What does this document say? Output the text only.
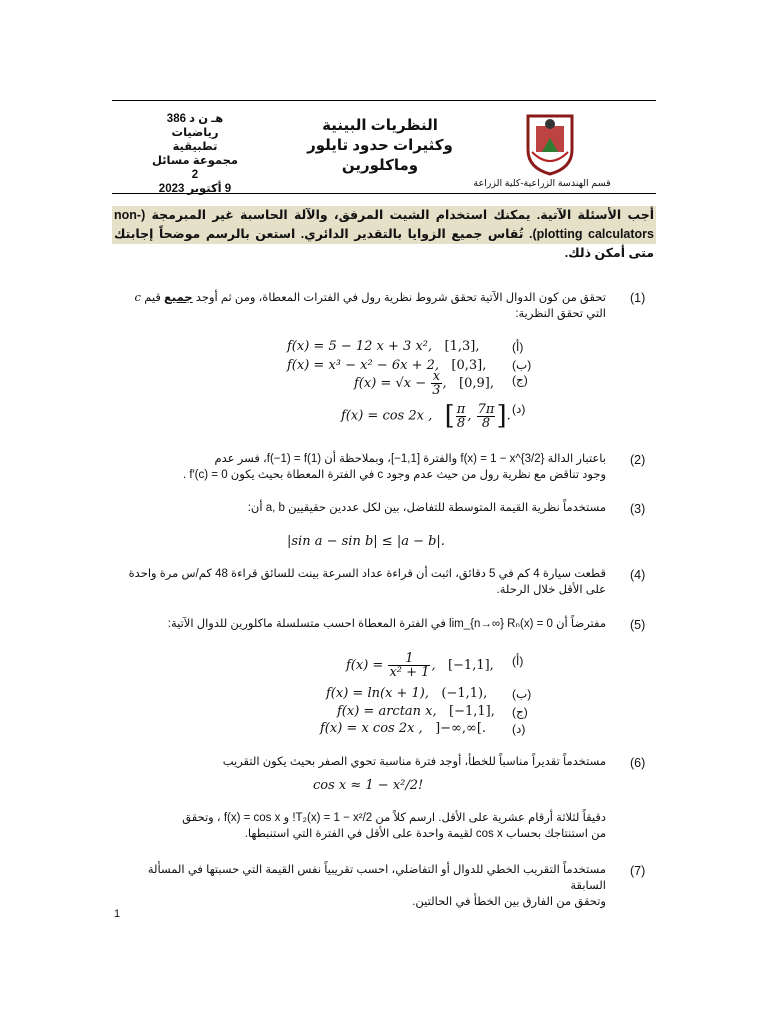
هـ ن د 386
رياضيات تطبيقية
مجموعة مسائل 2
9 أكتوبر 2023
النظريات البينية
وكثيرات حدود تايلور
وماكلورين
قسم الهندسة الزراعية-كلية الزراعة
أجب الأسئلة الآتية. يمكنك استخدام الشيت المرفق، والآلة الحاسبة غير المبرمجة (non-plotting calculators). تُقاس جميع الزوايا بالتقدير الدائري. استعن بالرسم موضحاً إجابتك متى أمكن ذلك.
(1)
تحقق من كون الدوال الآتية تحقق شروط نظرية رول في الفترات المعطاة، ومن ثم أوجد جميع قيم c
التي تحقق النظرية:
f(x) = 5 − 12 x + 3 x², [1,3],	(أ)
f(x) = x³ − x² − 6x + 2, [0,3], (ب)
$f(x) = √x - \frac{x}{3}$ ,   [0,9], (ج)
f(x) = cos 2x , [ $\frac{\pi}{8}$ , $\frac{7\pi}{8}$ ]. (د)
(2)
باعتبار الدالة f(x) = 1 − x^{3/2} والفترة [1,1−]، وبملاحظة أن f(−1) = f(1)، فسر عدم
وجود تناقض مع نظرية رول من حيث عدم وجود c في الفترة المعطاة بحيث يكون f′(c) = 0 .
(3)
مستخدماً نظرية القيمة المتوسطة للتفاضل، بين لكل عددين حقيقيين a, b أن:
|sin a − sin b| ≤ |a − b|.
(4)
قطعت سيارة 4 كم في 5 دقائق، اثبت أن قراءة عداد السرعة بينت للسائق قراءة 48 كم/س مرة واحدة
على الأقل خلال الرحلة.
(5)
مفترضاً أن lim_{n→∞} Rₙ(x) = 0 في الفترة المعطاة احسب متسلسلة ماكلورين للدوال الآتية:
$f(x) = \frac{1}{\text{x² + 1}}$ ,   [−1,1], (أ)
f(x) = ln(x + 1), (−1,1), (ب)
f(x) = arctan x, [−1,1], (ج)
f(x) = x cos 2x , ]−∞,∞[. (د)
(6)
مستخدماً تقديراً مناسباً للخطأ، أوجد فترة مناسبة تحوي الصفر بحيث يكون التقريب
cos x ≈ 1 − x²/2!
دقيقاً لثلاثة أرقام عشرية على الأقل. ارسم كلاً من T₂(x) = 1 − x²/2! و f(x) = cos x ، وتحقق
من استنتاجك بحساب cos x لقيمة واحدة على الأقل في الفترة التي استنبطها.
(7)
مستخدماً التقريب الخطي للدوال أو التفاضلي، احسب تقريبياً نفس القيمة التي حسبتها في المسألة السابقة
وتحقق من الفارق بين الخطأ في الحالتين.
1
